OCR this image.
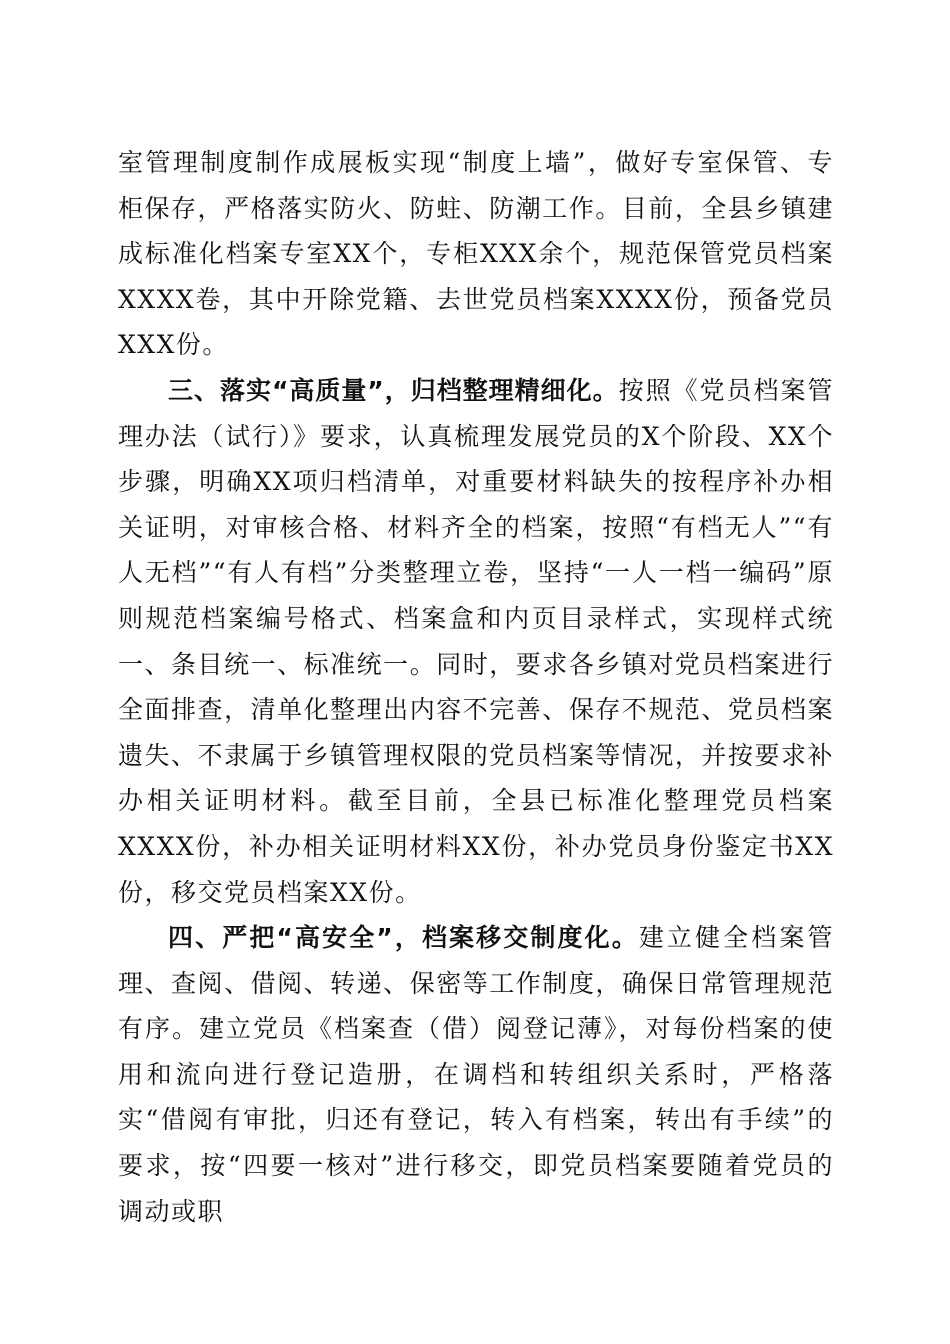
室管理制度制作成展板实现“制度上墙”，做好专室保管、专柜保存，严格落实防火、防蛀、防潮工作。目前，全县乡镇建成标准化档案专室XX个，专柜XXX余个，规范保管党员档案XXXX卷，其中开除党籍、去世党员档案XXXX份，预备党员XXX份。

三、落实“高质量”，归档整理精细化。按照《党员档案管理办法（试行）》要求，认真梳理发展党员的X个阶段、XX个步骤，明确XX项归档清单，对重要材料缺失的按程序补办相关证明，对审核合格、材料齐全的档案，按照“有档无人”“有人无档”“有人有档”分类整理立卷，坚持“一人一档一编码”原则规范档案编号格式、档案盒和内页目录样式，实现样式统一、条目统一、标准统一。同时，要求各乡镇对党员档案进行全面排查，清单化整理出内容不完善、保存不规范、党员档案遗失、不隶属于乡镇管理权限的党员档案等情况，并按要求补办相关证明材料。截至目前，全县已标准化整理党员档案XXXX份，补办相关证明材料XX份，补办党员身份鉴定书XX份，移交党员档案XX份。

四、严把“高安全”，档案移交制度化。建立健全档案管理、查阅、借阅、转递、保密等工作制度，确保日常管理规范有序。建立党员《档案查（借）阅登记薄》，对每份档案的使用和流向进行登记造册，在调档和转组织关系时，严格落实“借阅有审批，归还有登记，转入有档案，转出有手续”的要求，按“四要一核对”进行移交，即党员档案要随着党员的调动或职
